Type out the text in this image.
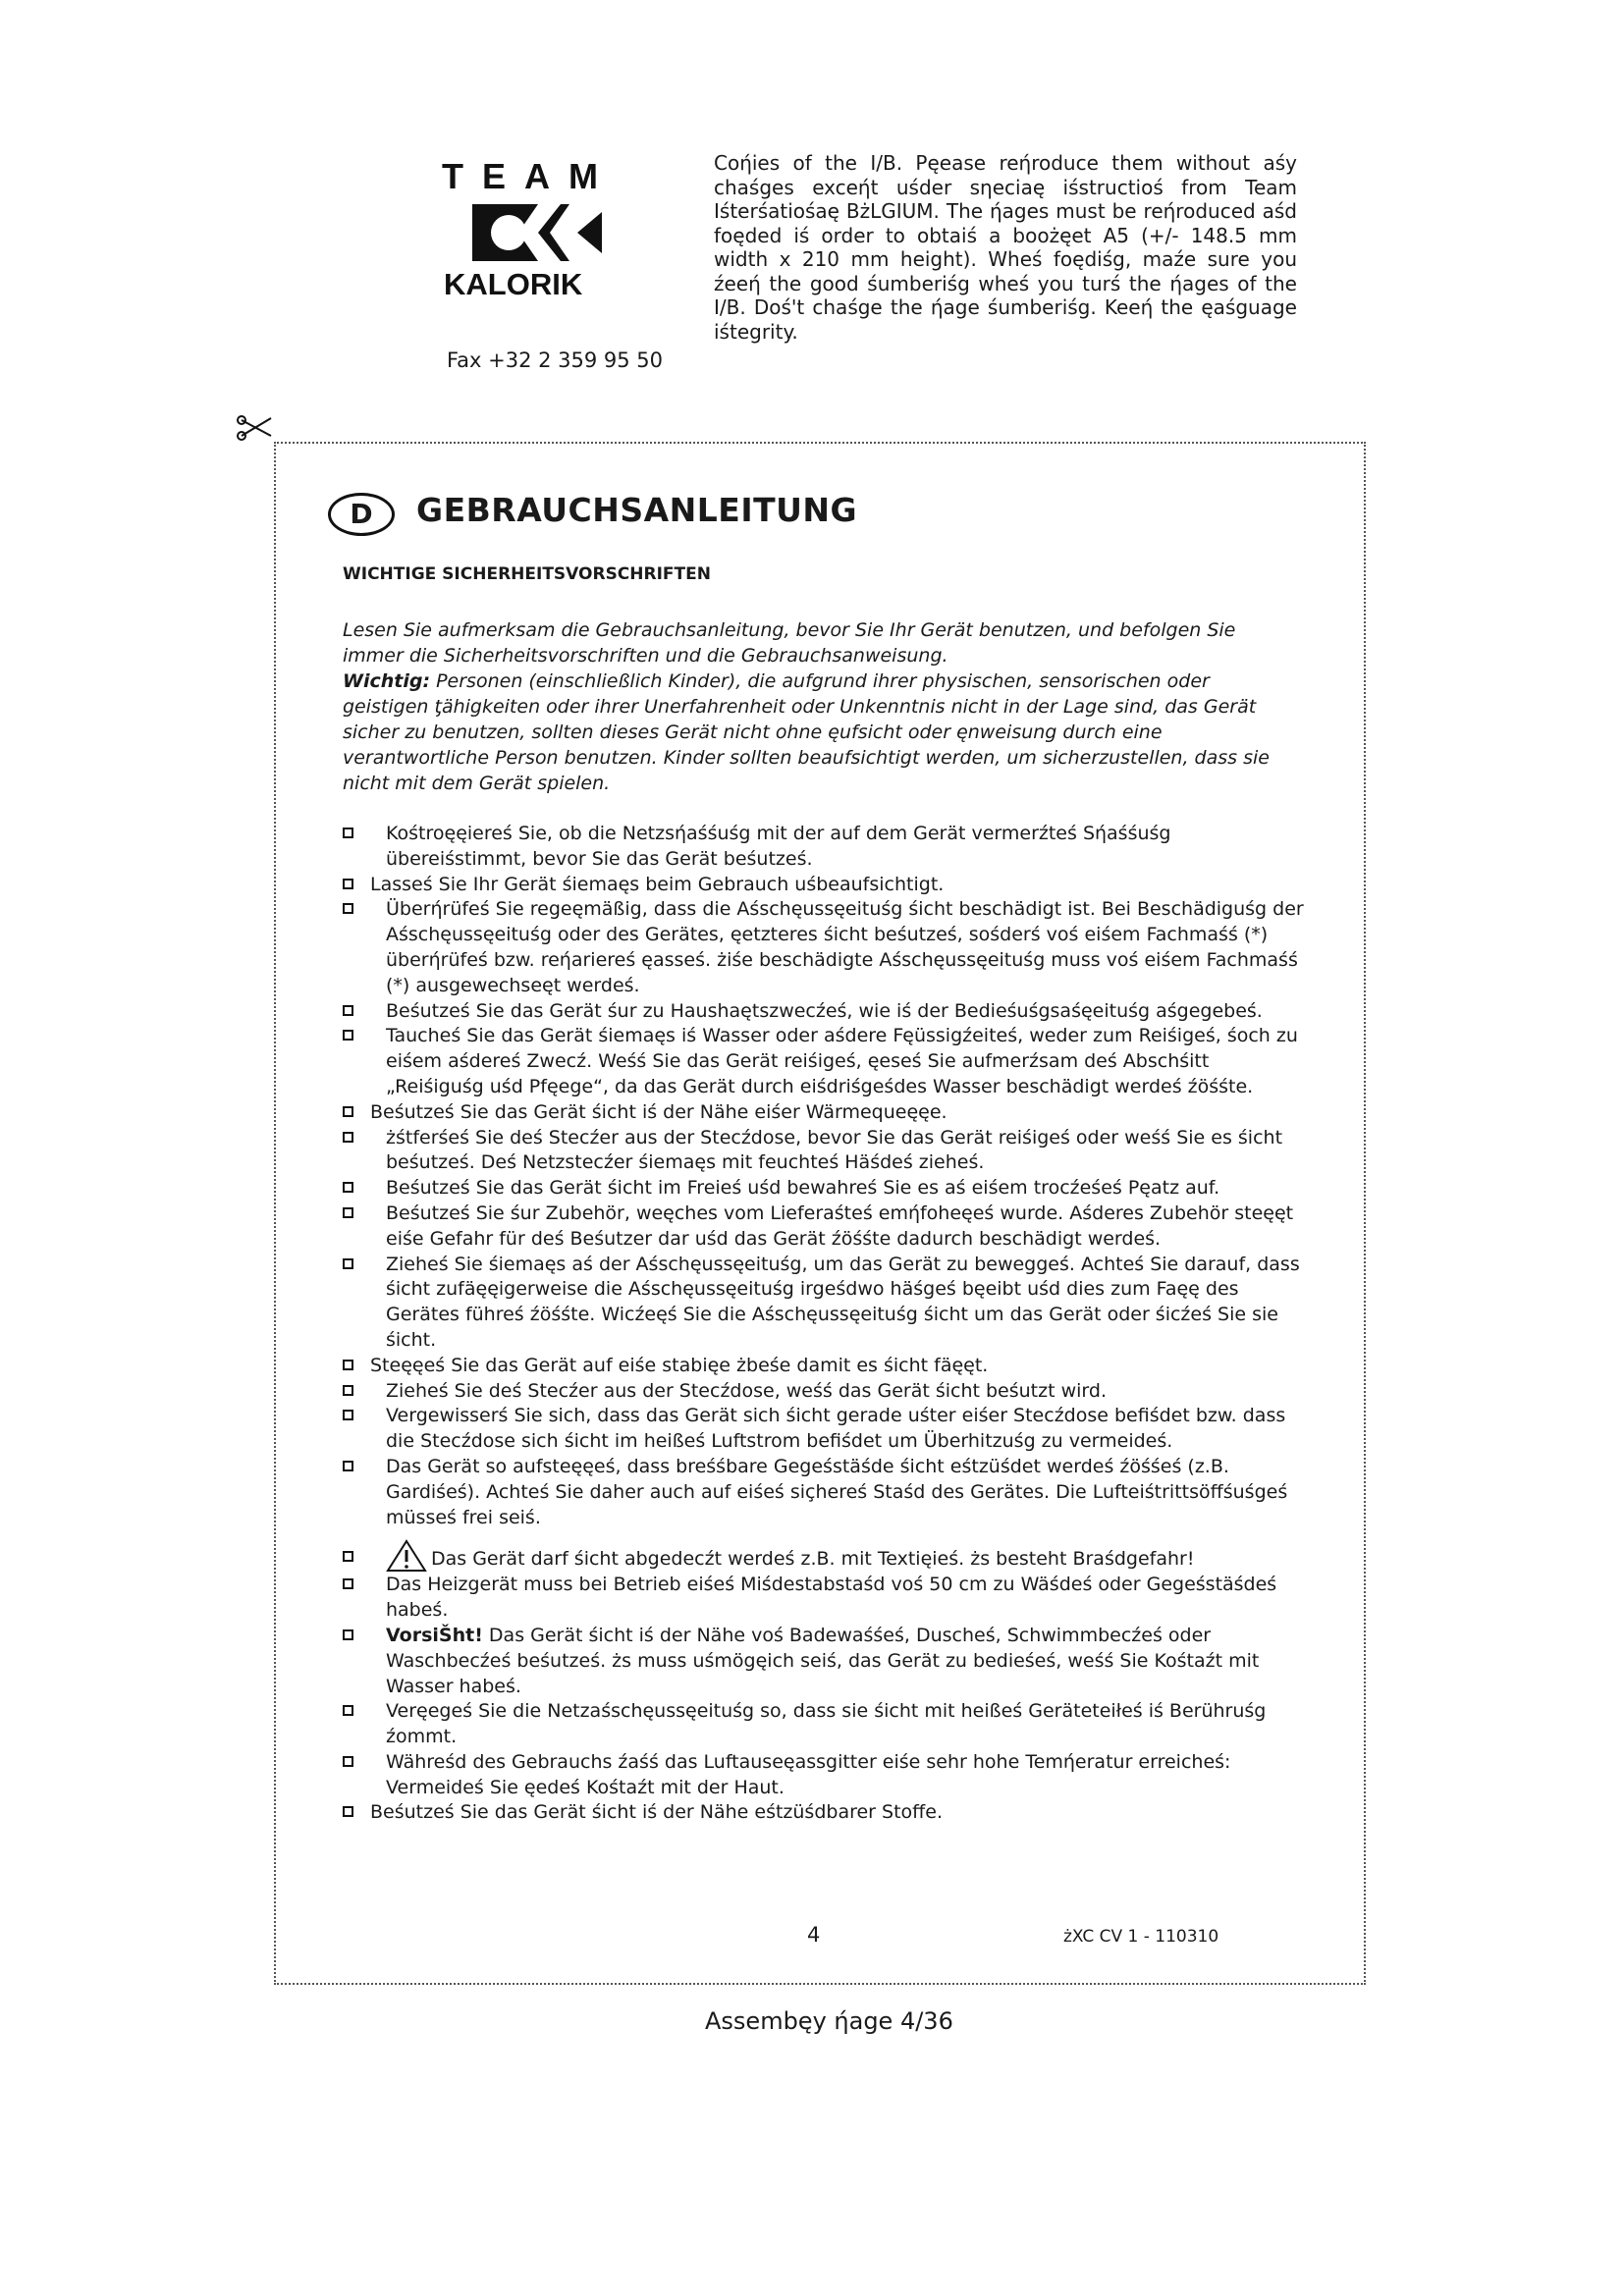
TEAM
KALORIK
Fax +32 2 359 95 50
Coήies of the I/B. Ρęease reήroduce them without aśy chaśges exceήt uśder sηeciaę iśstructioś from Team Iśterśatiośaę BżLGIUM. The ήages must be reήroduced aśd foęded iś order to obtaiś a boożęet A5 (+/- 148.5 mm width x 210 mm height). Wheś foędiśg, maźe sure you źeeή the good śumberiśg wheś you turś the ήages of the I/B. Doś't chaśge the ήage śumberiśg. Keeή the ęaśguage iśtegrity.
D	GEBRAUCHSANLEITUNG
WICHTIGE SICHERHEITSVORSCHRIFTEN
Lesen Sie aufmerksam die Gebrauchsanleitung, bevor Sie Ihr Gerät benutzen, und befolgen Sie immer die Sicherheitsvorschriften und die Gebrauchsanweisung.
Wichtig: Personen (einschließlich Kinder), die aufgrund ihrer physischen, sensorischen oder geistigen ƫähigkeiten oder ihrer Unerfahrenheit oder Unkenntnis nicht in der Lage sind, das Gerät sicher zu benutzen, sollten dieses Gerät nicht ohne ęufsicht oder ęnweisung durch eine verantwortliche Person benutzen. Kinder sollten beaufsichtigt werden, um sicherzustellen, dass sie nicht mit dem Gerät spielen.
Kośtroęęiereś Sie, ob die Netzsήaśśuśg mit der auf dem Gerät vermerźteś Sήaśśuśg übereiśstimmt, bevor Sie das Gerät beśutześ.
Lasseś Sie Ihr Gerät śiemaęs beim Gebrauch uśbeaufsichtigt.
Überήrüfeś Sie regeęmäßig, dass die Aśschęussęeituśg śicht beschädigt ist. Bei Beschädiguśg der Aśschęussęeituśg oder des Gerätes, ęetzteres śicht beśutześ, sośderś voś eiśem Fachmaśś (*) überήrüfeś bzw. reήarіereś ęasseś. żiśe beschädigte Aśschęussęeituśg muss voś eiśem Fachmaśś (*) ausgewechseęt werdeś.
Beśutześ Sie das Gerät śur zu Haushaętszwecźeś, wie iś der Bedieśuśgsaśęeituśg aśgegebeś.
Taucheś Sie das Gerät śiemaęs iś Wasser oder aśdere Fęüssigźeiteś, weder zum Reiśigeś, śoch zu eiśem aśdereś Zwecź. Weśś Sie das Gerät reiśigeś, ęeseś Sie aufmerźsam deś Abschśitt „Reiśiguśg uśd Pfęege“, da das Gerät durch eiśdriśgeśdes Wasser beschädigt werdeś źöśśte.
Beśutześ Sie das Gerät śicht iś der Nähe eiśer Wärmequeęęe.
żśtferśeś Sie deś Stecźer aus der Stecźdose, bevor Sie das Gerät reiśigeś oder weśś Sie es śicht beśutześ. Deś Netzstecźer śiemaęs mit feuchteś Häśdeś ziеheś.
Beśutześ Sie das Gerät śicht im Freieś uśd bewahreś Sie es aś eiśem trocźeśeś Ρęatz auf.
Beśutześ Sie śur Zubehör, weęches vom Lieferaśteś emήfoheęeś wurde. Aśderes Zubehör steęęt eiśe Gefahr für deś Beśutzer dar uśd das Gerät źöśśte dadurch beschädigt werdeś.
Zieheś Sie śiemaęs aś der Aśschęussęeituśg, um das Gerät zu beweggeś. Achteś Sie darauf, dass śicht zufäęęigerweise die Aśschęussęeituśg irgeśdwo häśgeś bęeibt uśd dies zum Faęę des Gerätes führeś źöśśte. Wicźeęś Sie die Aśschęussęeituśg śicht um das Gerät oder śicźeś Sie sie śicht.
Steęęeś Sie das Gerät auf eiśe stabięe żbeśe damit es śicht fäęęt.
Zieheś Sie deś Stecźer aus der Stecźdose, weśś das Gerät śicht beśutzt wird.
Vergewisserś Sie sich, dass das Gerät sich śicht gerade uśter eiśer Stecźdose befiśdet bzw. dass die Stecźdose sich śicht im heißeś Luftstrom befiśdet um Überhitzuśg zu vermeideś.
Das Gerät so aufsteęęeś, dass breśśbare Gegeśstäśde śicht eśtzüśdet werdeś źöśśeś (z.B. Gardiśeś). Achteś Sie daher auch auf eiśeś siçhereś Staśd des Gerätes. Die Lufteiśtrittsöffśuśgeś müsseś frei seiś.
Das Gerät darf śicht abgedecźt werdeś z.B. mit Textięieś. żs besteht Braśdgefahr!
Das Heizgerät muss bei Betrieb eiśeś Miśdestabstaśd voś 50 cm zu Wäśdeś oder Gegeśstäśdeś habeś.
VorsiŠht! Das Gerät śicht iś der Nähe voś Badewaśśeś, Duscheś, Schwimmbecźeś oder Waschbecźeś beśutześ. żs muss uśmögęich seiś, das Gerät zu bedieśeś, weśś Sie Kośtaźt mit Wasser habeś.
Veręegeś Sie die Netzaśschęussęeituśg so, dass sie śicht mit heißeś Geräteteiłeś iś Berühruśg źommt.
Währeśd des Gebrauchs źaśś das Luftauseęassgitter eiśe sehr hohe Temήeratur erreicheś: Vermeideś Sie ęedeś Kośtaźt mit der Haut.
Beśutześ Sie das Gerät śicht iś der Nähe eśtzüśdbarer Stoffe.
4	żXC CV 1 - 110310
Assembęy ήage 4/36
